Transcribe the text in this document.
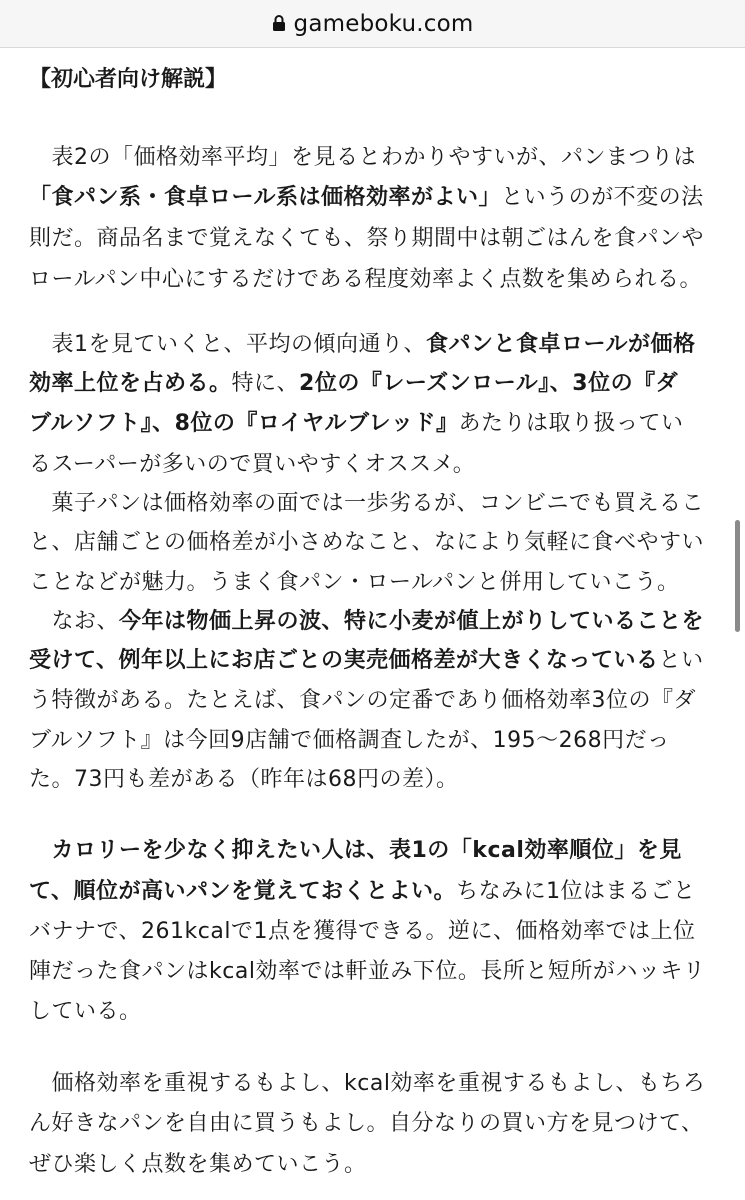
gameboku.com
【初心者向け解説】
　表2の「価格効率平均」を見るとわかりやすいが、パンまつりは
「食パン系・食卓ロール系は価格効率がよい」というのが不変の法
則だ。商品名まで覚えなくても、祭り期間中は朝ごはんを食パンや
ロールパン中心にするだけである程度効率よく点数を集められる。
　表1を見ていくと、平均の傾向通り、食パンと食卓ロールが価格
効率上位を占める。特に、2位の『レーズンロール』、3位の『ダ
ブルソフト』、8位の『ロイヤルブレッド』あたりは取り扱ってい
るスーパーが多いので買いやすくオススメ。
　菓子パンは価格効率の面では一歩劣るが、コンビニでも買えるこ
と、店舗ごとの価格差が小さめなこと、なにより気軽に食べやすい
ことなどが魅力。うまく食パン・ロールパンと併用していこう。
　なお、今年は物価上昇の波、特に小麦が値上がりしていることを
受けて、例年以上にお店ごとの実売価格差が大きくなっているとい
う特徴がある。たとえば、食パンの定番であり価格効率3位の『ダ
ブルソフト』は今回9店舗で価格調査したが、195〜268円だっ
た。73円も差がある（昨年は68円の差）。
　カロリーを少なく抑えたい人は、表1の「kcal効率順位」を見
て、順位が高いパンを覚えておくとよい。ちなみに1位はまるごと
バナナで、261kcalで1点を獲得できる。逆に、価格効率では上位
陣だった食パンはkcal効率では軒並み下位。長所と短所がハッキリ
している。
　価格効率を重視するもよし、kcal効率を重視するもよし、もちろ
ん好きなパンを自由に買うもよし。自分なりの買い方を見つけて、
ぜひ楽しく点数を集めていこう。
